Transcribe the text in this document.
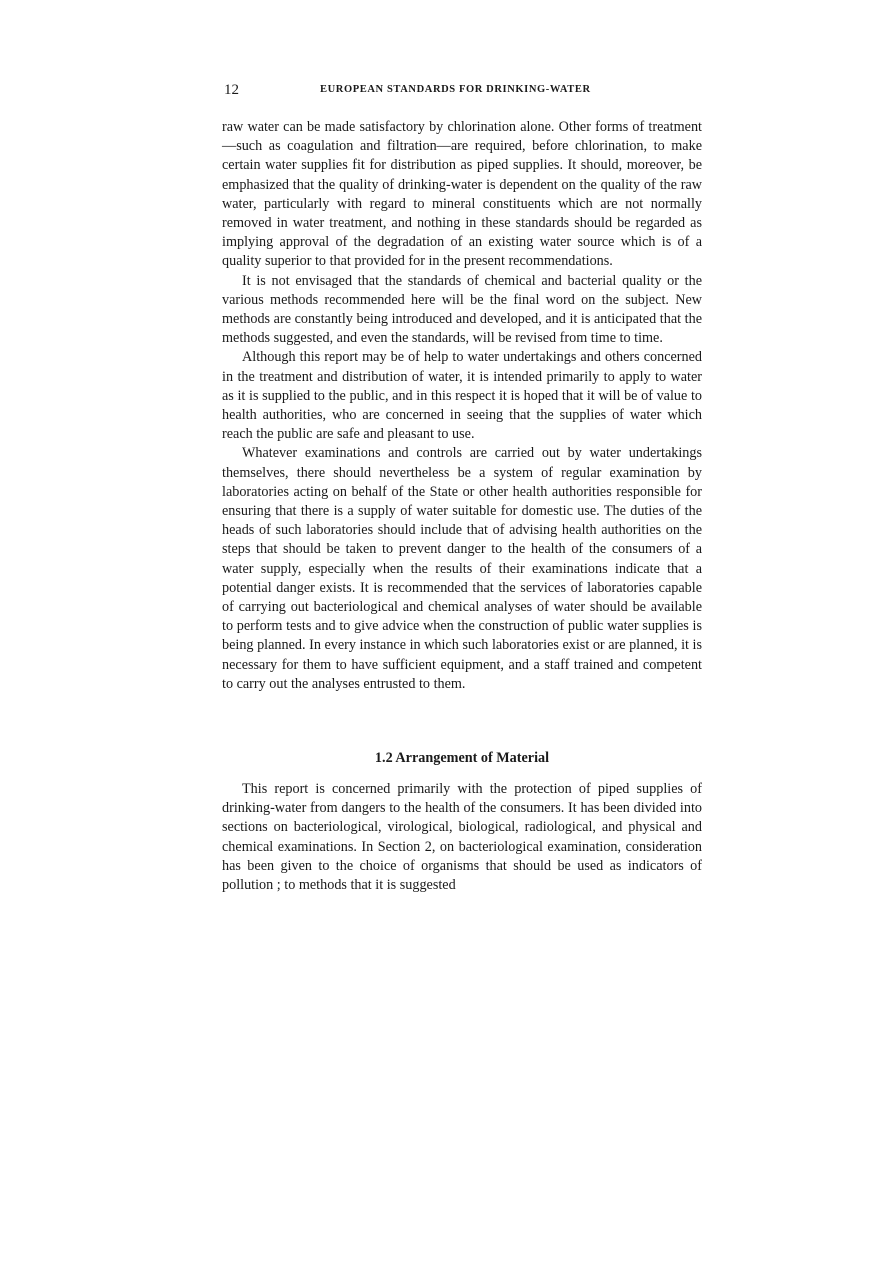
12	EUROPEAN STANDARDS FOR DRINKING-WATER

raw water can be made satisfactory by chlorination alone. Other forms of treatment—such as coagulation and filtration—are required, before chlorination, to make certain water supplies fit for distribution as piped supplies. It should, moreover, be emphasized that the quality of drinking-water is dependent on the quality of the raw water, particularly with regard to mineral constituents which are not normally removed in water treatment, and nothing in these standards should be regarded as implying approval of the degradation of an existing water source which is of a quality superior to that provided for in the present recommendations.

It is not envisaged that the standards of chemical and bacterial quality or the various methods recommended here will be the final word on the subject. New methods are constantly being introduced and developed, and it is anticipated that the methods suggested, and even the standards, will be revised from time to time.

Although this report may be of help to water undertakings and others concerned in the treatment and distribution of water, it is intended primarily to apply to water as it is supplied to the public, and in this respect it is hoped that it will be of value to health authorities, who are concerned in seeing that the supplies of water which reach the public are safe and pleasant to use.

Whatever examinations and controls are carried out by water undertakings themselves, there should nevertheless be a system of regular examination by laboratories acting on behalf of the State or other health authorities responsible for ensuring that there is a supply of water suitable for domestic use. The duties of the heads of such laboratories should include that of advising health authorities on the steps that should be taken to prevent danger to the health of the consumers of a water supply, especially when the results of their examinations indicate that a potential danger exists. It is recommended that the services of laboratories capable of carrying out bacteriological and chemical analyses of water should be available to perform tests and to give advice when the construction of public water supplies is being planned. In every instance in which such laboratories exist or are planned, it is necessary for them to have sufficient equipment, and a staff trained and competent to carry out the analyses entrusted to them.

1.2 Arrangement of Material

This report is concerned primarily with the protection of piped supplies of drinking-water from dangers to the health of the consumers. It has been divided into sections on bacteriological, virological, biological, radiological, and physical and chemical examinations. In Section 2, on bacteriological examination, consideration has been given to the choice of organisms that should be used as indicators of pollution ; to methods that it is suggested
